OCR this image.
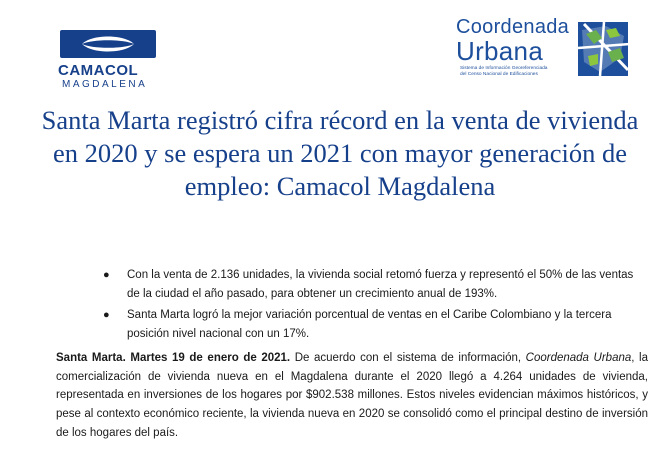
CAMACOL
MAGDALENA
Coordenada
Urbana
Sistema de Información Georeferenciada
del Censo Nacional de Edificaciones
Santa Marta registró cifra récord en la venta de vivienda en 2020 y se espera un 2021 con mayor generación de empleo: Camacol Magdalena
● Con la venta de 2.136 unidades, la vivienda social retomó fuerza y representó el 50% de las ventas de la ciudad el año pasado, para obtener un crecimiento anual de 193%.
● Santa Marta logró la mejor variación porcentual de ventas en el Caribe Colombiano y la tercera posición nivel nacional con un 17%.

Santa Marta. Martes 19 de enero de 2021. De acuerdo con el sistema de información, Coordenada Urbana, la comercialización de vivienda nueva en el Magdalena durante el 2020 llegó a 4.264 unidades de vivienda, representada en inversiones de los hogares por $902.538 millones. Estos niveles evidencian máximos históricos, y pese al contexto económico reciente, la vivienda nueva en 2020 se consolidó como el principal destino de inversión de los hogares del país.
